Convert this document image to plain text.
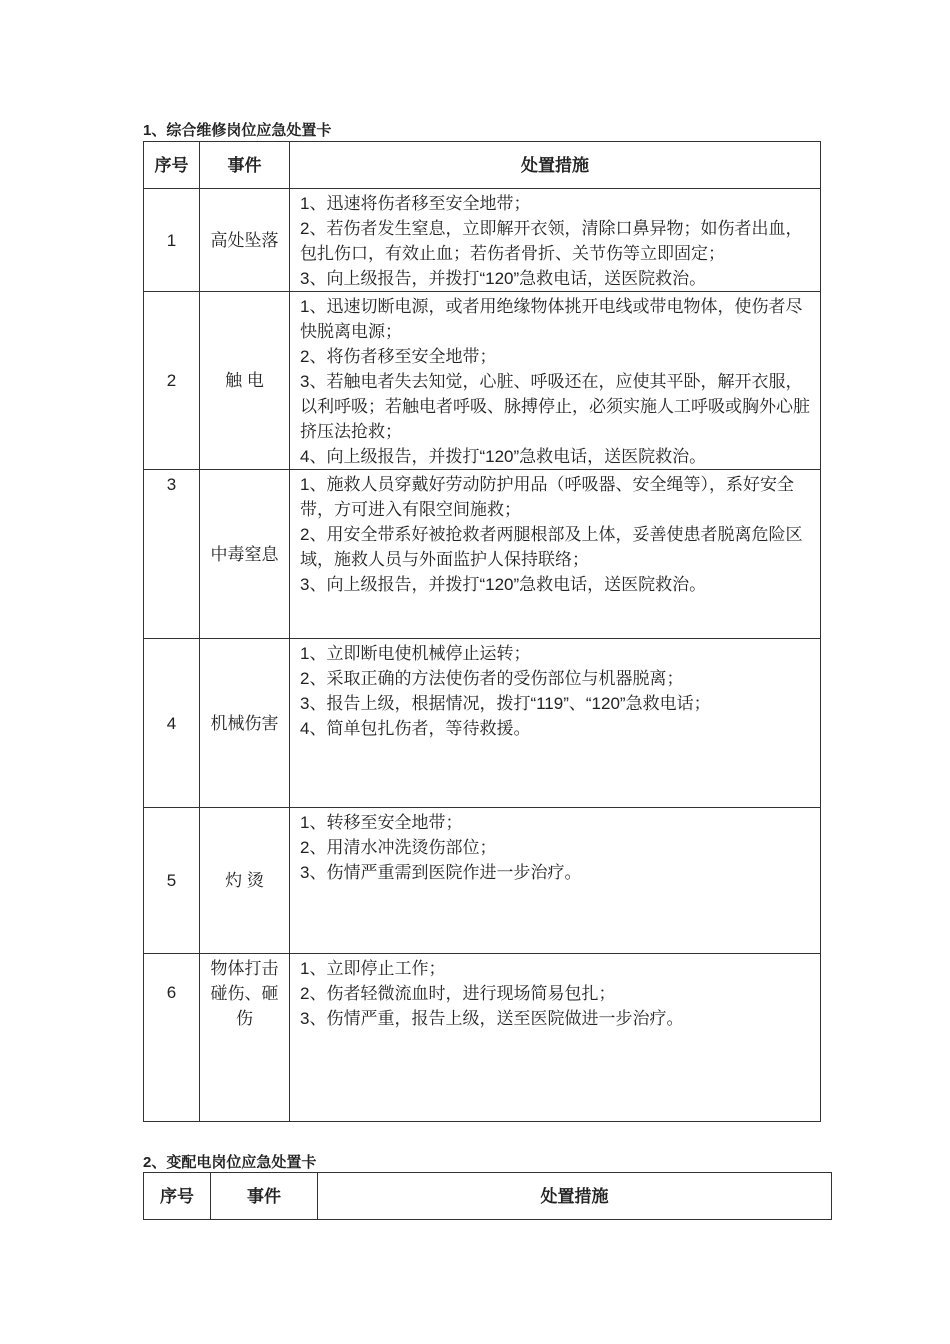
1、综合维修岗位应急处置卡
序号	事件	处置措施
1	高处坠落	1、迅速将伤者移至安全地带；
2、若伤者发生窒息，立即解开衣领，清除口鼻异物；如伤者出血，包扎伤口，有效止血；若伤者骨折、关节伤等立即固定；
3、向上级报告，并拨打“120”急救电话，送医院救治。

2	触 电	1、迅速切断电源，或者用绝缘物体挑开电线或带电物体，使伤者尽快脱离电源；
2、将伤者移至安全地带；
3、若触电者失去知觉，心脏、呼吸还在，应使其平卧，解开衣服，以利呼吸；若触电者呼吸、脉搏停止，必须实施人工呼吸或胸外心脏挤压法抢救；
4、向上级报告，并拨打“120”急救电话，送医院救治。

3	中毒窒息	1、施救人员穿戴好劳动防护用品（呼吸器、安全绳等），系好安全带，方可进入有限空间施救；
2、用安全带系好被抢救者两腿根部及上体，妥善使患者脱离危险区域，施救人员与外面监护人保持联络；
3、向上级报告，并拨打“120”急救电话，送医院救治。

4	机械伤害	1、立即断电使机械停止运转；
2、采取正确的方法使伤者的受伤部位与机器脱离；
3、报告上级，根据情况，拨打“119”、“120”急救电话；
4、简单包扎伤者，等待救援。

5	灼 烫	1、转移至安全地带；
2、用清水冲洗烫伤部位；
3、伤情严重需到医院作进一步治疗。

6	物体打击碰伤、砸伤	1、立即停止工作；
2、伤者轻微流血时，进行现场简易包扎；
3、伤情严重，报告上级，送至医院做进一步治疗。
2、变配电岗位应急处置卡
序号	事件	处置措施
